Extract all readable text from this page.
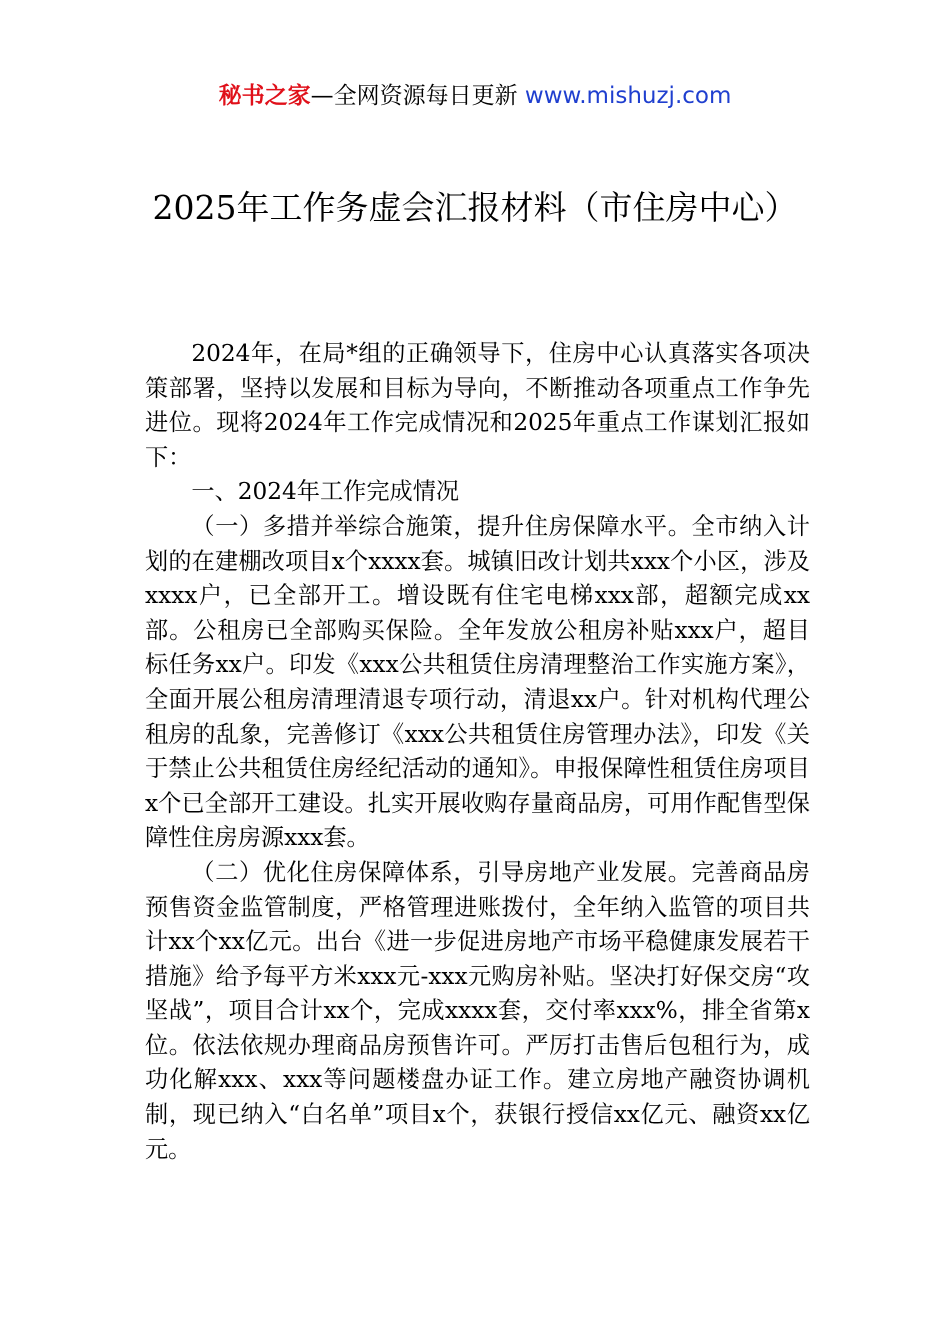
秘书之家—全网资源每日更新 www.mishuzj.com
2025年工作务虚会汇报材料（市住房中心）

2024年，在局*组的正确领导下，住房中心认真落实各项决策部署，坚持以发展和目标为导向，不断推动各项重点工作争先进位。现将2024年工作完成情况和2025年重点工作谋划汇报如下：

一、2024年工作完成情况

（一）多措并举综合施策，提升住房保障水平。全市纳入计划的在建棚改项目x个xxxx套。城镇旧改计划共xxx个小区，涉及xxxx户，已全部开工。增设既有住宅电梯xxx部，超额完成xx部。公租房已全部购买保险。全年发放公租房补贴xxx户，超目标任务xx户。印发《xxx公共租赁住房清理整治工作实施方案》，全面开展公租房清理清退专项行动，清退xx户。针对机构代理公租房的乱象，完善修订《xxx公共租赁住房管理办法》，印发《关于禁止公共租赁住房经纪活动的通知》。申报保障性租赁住房项目x个已全部开工建设。扎实开展收购存量商品房，可用作配售型保障性住房房源xxx套。

（二）优化住房保障体系，引导房地产业发展。完善商品房预售资金监管制度，严格管理进账拨付，全年纳入监管的项目共计xx个xx亿元。出台《进一步促进房地产市场平稳健康发展若干措施》给予每平方米xxx元-xxx元购房补贴。坚决打好保交房“攻坚战”，项目合计xx个，完成xxxx套，交付率xxx%，排全省第x位。依法依规办理商品房预售许可。严厉打击售后包租行为，成功化解xxx、xxx等问题楼盘办证工作。建立房地产融资协调机制，现已纳入“白名单”项目x个，获银行授信xx亿元、融资xx亿元。
